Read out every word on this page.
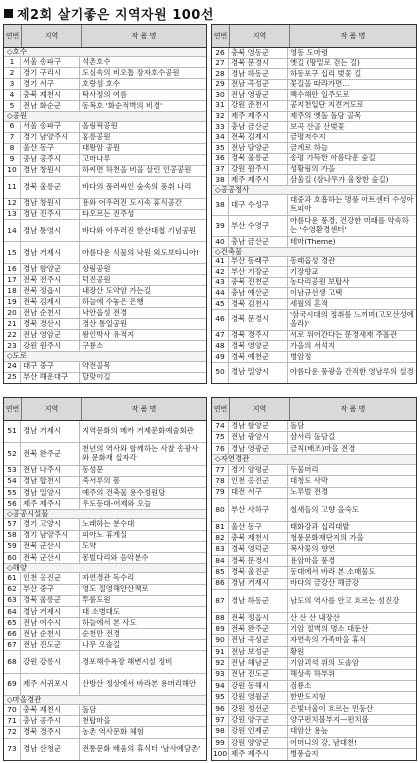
제2회 살기좋은 지역자원 100선
연번	지역	작 품 명
◇호수
1	서울 송파구	석촌호수
2	경기 구리시	도심속의 비오톱 장자호수공원
3	경기 서구	호랑섬 호수
4	충북 제천시	탁사정의 여름
5	전남 화순군	동복호 '화순적벽의 비경'
◇공원
6	서울 송파구	올림픽공원
7	경기 남양주시	홍릉공원
8	울산 동구	대왕암 공원
9	충남 공주시	고마나루
10 경남 창원시	하씨면 하천을 비을 살린 인공공원
11 경북 울릉군	바다의 품러싸인 숲속의 풍취 나리
12 경남 창원시	용와 어우러진 도시속 휴식공간
13 경남 진주시	타오르는 진주성
14 경남 통영시	바다와 어우러진 한산대첩 기념공원
15 경남 거제시	아름다운 식물의 낙원 외도보타니아!
16 경남 함양군	상림공원
17 전북 전주시	덕진공원
18 전북 정읍시	내장산 도약암 가는길
19 전북 김제시	하늘에 수놓은 은행
20 전남 순천시	낙안읍성 전경
21 경북 경산시	경산 통일공원
22 전남 영암군	왕인박사 유적지
23 강원 원주시	구룡소
◇도로
24 대구 중구	약전골목
25 부산 해운대구	달맞이길
연번	지역	작 품 명
26 충북 영동군	영동 도마령
27 경북 문경시	옛길 (땅밑로 걷는 길)
28 경남 하동군	하동포구 십리 벚꽃 길
29 전남 곡성군	꽃길을 따라가면...
30 전남 영광군	백수해안 일주도로
31 강원 춘천시	공지천입단 지견거도로
32 제주 제주시	제주의 옛돌 돌담 골목
33 충남 금산군	보곡 산골 산벚꽃
34 전북 김제시	금평저수지
35 전남 담양군	금계로 하늘
36 경북 울릉군	송평 가득한 아름다운 숲길
37 강원 원주시	성황림의 가을
38 제주 제주시	삼울길 (삼나무가 울창한 숲길)
◇공공청사
38 대구 수성구	대중과 호흡하는 명품 아트센터 수성아트피아
39 부산 수영구	아름다운 풍경, 건강한 미래를 약속하는 '수영환경센터'
40 충남 금산군	테마(Theme)
◇건축물
41 부산 동래구	동래읍성 경관
42 부산 기장군	기장향교
43 충북 진천군	농다리공원 보탑사
44 충남 예산군	이남규선생 고택
45 경북 김천시	세월의 흔적
46 경북 문경시	'삼국시대의 정취를 느끼며(고모산성에 올라)'
47 경북 경주시	서로 위어간다는 문경새재 주흘관
48 경북 영양군	가을의 서석지
49 경북 예천군	병암정
50 경남 밀양시	아름다운 풍광을 간직한 영남루의 설경
연번	지역	작 품 명
51 경남 거제시	지역문화의 메카 거제문화예술회관
52 전북 완주군	천년의 역사와 함께하는 사찰 송광사와 문화재 십자각
53 전남 나주시	동섬문
54 경남 합천시	죽서루의 봄
55 경남 밀양시	예주의 건축물 용수정원당
56 제주 제주시	우도등대-어제와 오늘
◇공공시설물
57 경기 고양시	노래하는 분수대
58 경기 남양주시	피아노 휴게실
59 전북 군산시	도약
60 전북 군산시	몽빌다리와 음악분수
◇해양
61 인천 옹진군	자연경관 독수리
62 부산 중구	영도 절영해안산책로
63 경북 울릉군	투룸도원
64 경남 거제시	대 소병대도
65 전남 여수시	하늘에서 본 사도
66 전남 순천시	순천만 전경
67 전남 진도군	나무 오솔길
68 강원 강릉시	경포해수욕장 해변시설 정비
69 제주 서귀포시	산방산 정상에서 바라본 용머리해안
◇마을경관
70 충북 제천시	돌담
71 충남 공주시	천탑마을
72 경북 경주시	농촌 역사문화 체험
73 경남 산청군	전통문화 배움의 휴식터 '남사예담촌'
연번	지역	작 품 명
74 경남 함양군	돌담
75 전남 광양시	삼서리 돌담길
76 경남 영광군	금칙(배조)마을 전경
◇자연경관
77 경기 양평군	두물머리
78 인천 옹진군	대청도 사막
79 대전 서구	노루벌 전경
80 부산 사하구	철새들의 고향 을숙도
81 울산 동구	태화강과 십리대밭
82 충북 제천시	청풍문화재단지의 가을
83 경북 영덕군	복사꽃의 향연
84 경북 문경시	용암마을 풍경
85 경북 울진군	동대에서 바라 본 소매물도
86 경남 거제시	바다의 금강산 해금강
87 경남 하동군	남도의 역사를 안고 흐르는 섬진강
88 전북 정읍시	산 산 산 내장산
89 전북 완주군	기암 절벽의 명소 대둔산
90 전남 곡성군	자연속의 가족마을 휴식
91 전남 보성군	황원
92 전남 해남군	기암괴석 위의 도솔암
93 전남 진도군	해상속 하부위
94 강원 동해시	검룡소
95 강원 영월군	한반도지형
96 강원 정선군	은빛너울이 흐르는 민둥산
97 강원 양구군	양구펀치볼부지—펀치볼
98 강원 인제군	대암산 용늪
99 강원 양양군	어머니의 강, 남대천!
100 제주 제주시	병풍습지
